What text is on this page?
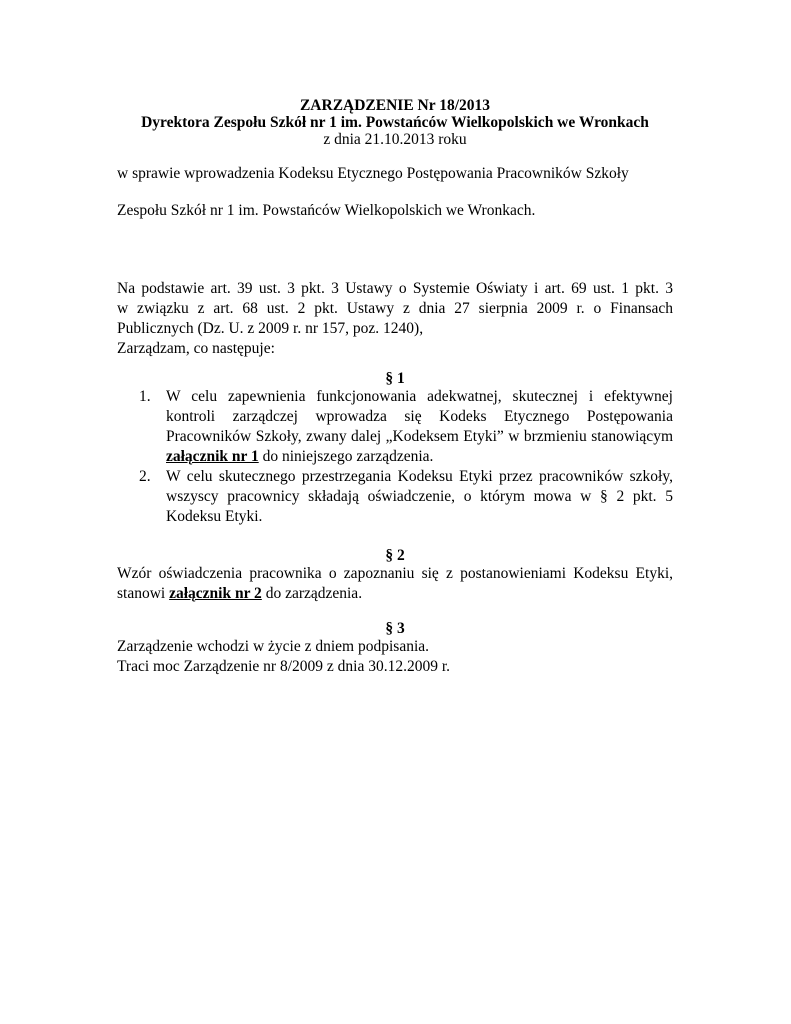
ZARZĄDZENIE Nr 18/2013

Dyrektora Zespołu Szkół nr 1 im. Powstańców Wielkopolskich we Wronkach

z dnia 21.10.2013 roku

w sprawie wprowadzenia Kodeksu Etycznego Postępowania Pracowników Szkoły

Zespołu Szkół nr 1 im. Powstańców Wielkopolskich we Wronkach.

Na podstawie art. 39 ust. 3 pkt. 3 Ustawy o Systemie Oświaty i art. 69 ust. 1 pkt. 3
w związku z art. 68 ust. 2 pkt. Ustawy z dnia 27 sierpnia 2009 r. o Finansach
Publicznych (Dz. U. z 2009 r. nr 157, poz. 1240),
Zarządzam, co następuje:

§ 1

1. W celu zapewnienia funkcjonowania adekwatnej, skutecznej i efektywnej kontroli zarządczej wprowadza się Kodeks Etycznego Postępowania Pracowników Szkoły, zwany dalej „Kodeksem Etyki” w brzmieniu stanowiącym załącznik nr 1 do niniejszego zarządzenia.
2. W celu skutecznego przestrzegania Kodeksu Etyki przez pracowników szkoły, wszyscy pracownicy składają oświadczenie, o którym mowa w § 2 pkt. 5 Kodeksu Etyki.

§ 2

Wzór oświadczenia pracownika o zapoznaniu się z postanowieniami Kodeksu Etyki,
stanowi załącznik nr 2 do zarządzenia.

§ 3

Zarządzenie wchodzi w życie z dniem podpisania.
Traci moc Zarządzenie nr 8/2009 z dnia 30.12.2009 r.
